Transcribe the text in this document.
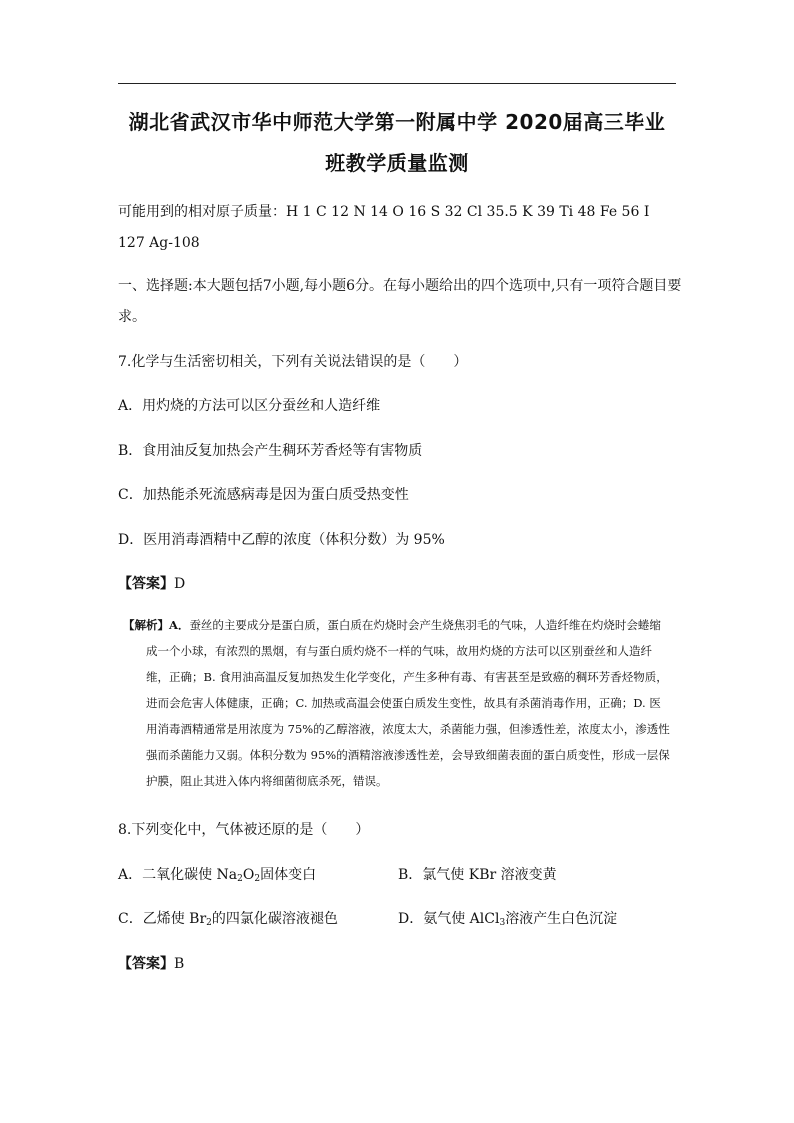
湖北省武汉市华中师范大学第一附属中学 2020届高三毕业
班教学质量监测
可能用到的相对原子质量：H 1 C 12 N 14 O 16 S 32 Cl 35.5 K 39 Ti 48 Fe 56 I
127 Ag-108
一、选择题:本大题包括7小题,每小题6分。在每小题给出的四个选项中,只有一项符合题目要
求。
7.化学与生活密切相关，下列有关说法错误的是（　　）
A．用灼烧的方法可以区分蚕丝和人造纤维
B．食用油反复加热会产生稠环芳香烃等有害物质
C．加热能杀死流感病毒是因为蛋白质受热变性
D．医用消毒酒精中乙醇的浓度（体积分数）为 95%
【答案】D
【解析】A．蚕丝的主要成分是蛋白质，蛋白质在灼烧时会产生烧焦羽毛的气味，人造纤维在灼烧时会蜷缩
成一个小球，有浓烈的黑烟，有与蛋白质灼烧不一样的气味，故用灼烧的方法可以区别蚕丝和人造纤
维，正确；B. 食用油高温反复加热发生化学变化，产生多种有毒、有害甚至是致癌的稠环芳香烃物质，
进而会危害人体健康，正确；C. 加热或高温会使蛋白质发生变性，故具有杀菌消毒作用，正确；D. 医
用消毒酒精通常是用浓度为 75%的乙醇溶液，浓度太大，杀菌能力强，但渗透性差，浓度太小，渗透性
强而杀菌能力又弱。体积分数为 95%的酒精溶液渗透性差，会导致细菌表面的蛋白质变性，形成一层保
护膜，阻止其进入体内将细菌彻底杀死，错误。
8.下列变化中，气体被还原的是（　　）
A．二氧化碳使 $Na_2O_2$固体变白	B．氯气使 KBr 溶液变黄
C．乙烯使 $Br_2$的四氯化碳溶液褪色	D．氨气使 AlCl$_3$溶液产生白色沉淀
【答案】B
